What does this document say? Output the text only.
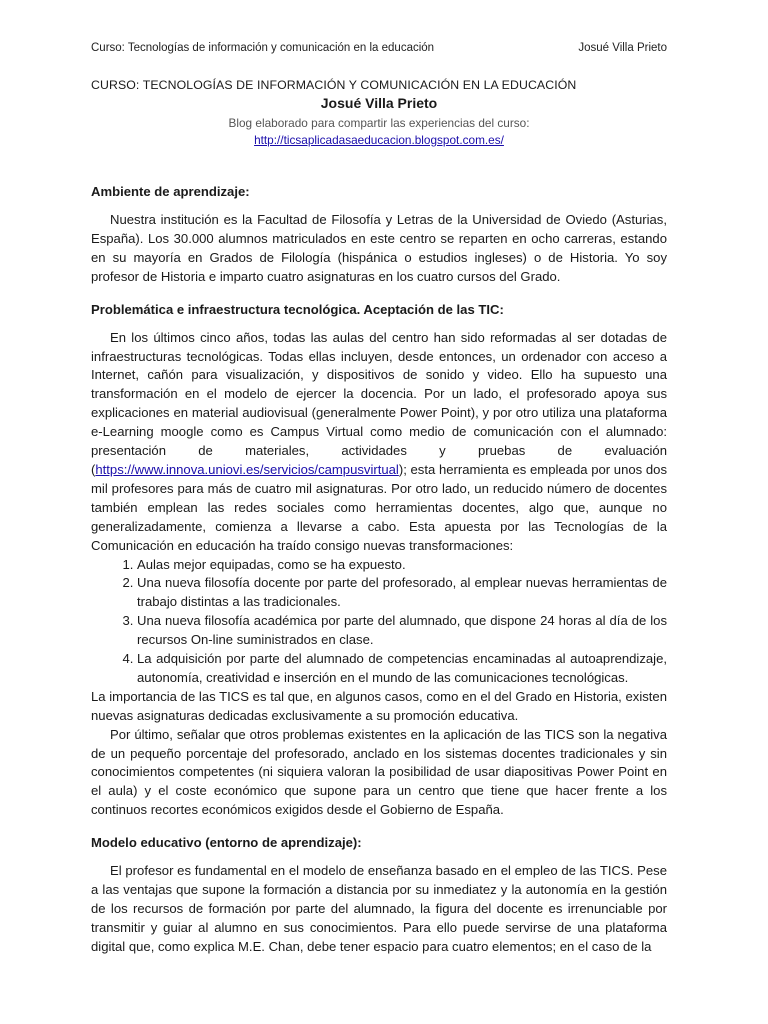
Curso: Tecnologías de información y comunicación en la educación	Josué Villa Prieto
CURSO: TECNOLOGÍAS DE INFORMACIÓN Y COMUNICACIÓN EN LA EDUCACIÓN
Josué Villa Prieto
Blog elaborado para compartir las experiencias del curso:
http://ticsaplicadasaeducacion.blogspot.com.es/
Ambiente de aprendizaje:

Nuestra institución es la Facultad de Filosofía y Letras de la Universidad de Oviedo (Asturias, España). Los 30.000 alumnos matriculados en este centro se reparten en ocho carreras, estando en su mayoría en Grados de Filología (hispánica o estudios ingleses) o de Historia. Yo soy profesor de Historia e imparto cuatro asignaturas en los cuatro cursos del Grado.

Problemática e infraestructura tecnológica. Aceptación de las TIC:

En los últimos cinco años, todas las aulas del centro han sido reformadas al ser dotadas de infraestructuras tecnológicas. Todas ellas incluyen, desde entonces, un ordenador con acceso a Internet, cañón para visualización, y dispositivos de sonido y video. Ello ha supuesto una transformación en el modelo de ejercer la docencia. Por un lado, el profesorado apoya sus explicaciones en material audiovisual (generalmente Power Point), y por otro utiliza una plataforma e-Learning moogle como es Campus Virtual como medio de comunicación con el alumnado: presentación de materiales, actividades y pruebas de evaluación (https://www.innova.uniovi.es/servicios/campusvirtual); esta herramienta es empleada por unos dos mil profesores para más de cuatro mil asignaturas. Por otro lado, un reducido número de docentes también emplean las redes sociales como herramientas docentes, algo que, aunque no generalizadamente, comienza a llevarse a cabo. Esta apuesta por las Tecnologías de la Comunicación en educación ha traído consigo nuevas transformaciones:

1. Aulas mejor equipadas, como se ha expuesto.
2. Una nueva filosofía docente por parte del profesorado, al emplear nuevas herramientas de trabajo distintas a las tradicionales.
3. Una nueva filosofía académica por parte del alumnado, que dispone 24 horas al día de los recursos On-line suministrados en clase.
4. La adquisición por parte del alumnado de competencias encaminadas al autoaprendizaje, autonomía, creatividad e inserción en el mundo de las comunicaciones tecnológicas.

La importancia de las TICS es tal que, en algunos casos, como en el del Grado en Historia, existen nuevas asignaturas dedicadas exclusivamente a su promoción educativa.

Por último, señalar que otros problemas existentes en la aplicación de las TICS son la negativa de un pequeño porcentaje del profesorado, anclado en los sistemas docentes tradicionales y sin conocimientos competentes (ni siquiera valoran la posibilidad de usar diapositivas Power Point en el aula) y el coste económico que supone para un centro que tiene que hacer frente a los continuos recortes económicos exigidos desde el Gobierno de España.

Modelo educativo (entorno de aprendizaje):

El profesor es fundamental en el modelo de enseñanza basado en el empleo de las TICS. Pese a las ventajas que supone la formación a distancia por su inmediatez y la autonomía en la gestión de los recursos de formación por parte del alumnado, la figura del docente es irrenunciable por transmitir y guiar al alumno en sus conocimientos. Para ello puede servirse de una plataforma digital que, como explica M.E. Chan, debe tener espacio para cuatro elementos; en el caso de la
